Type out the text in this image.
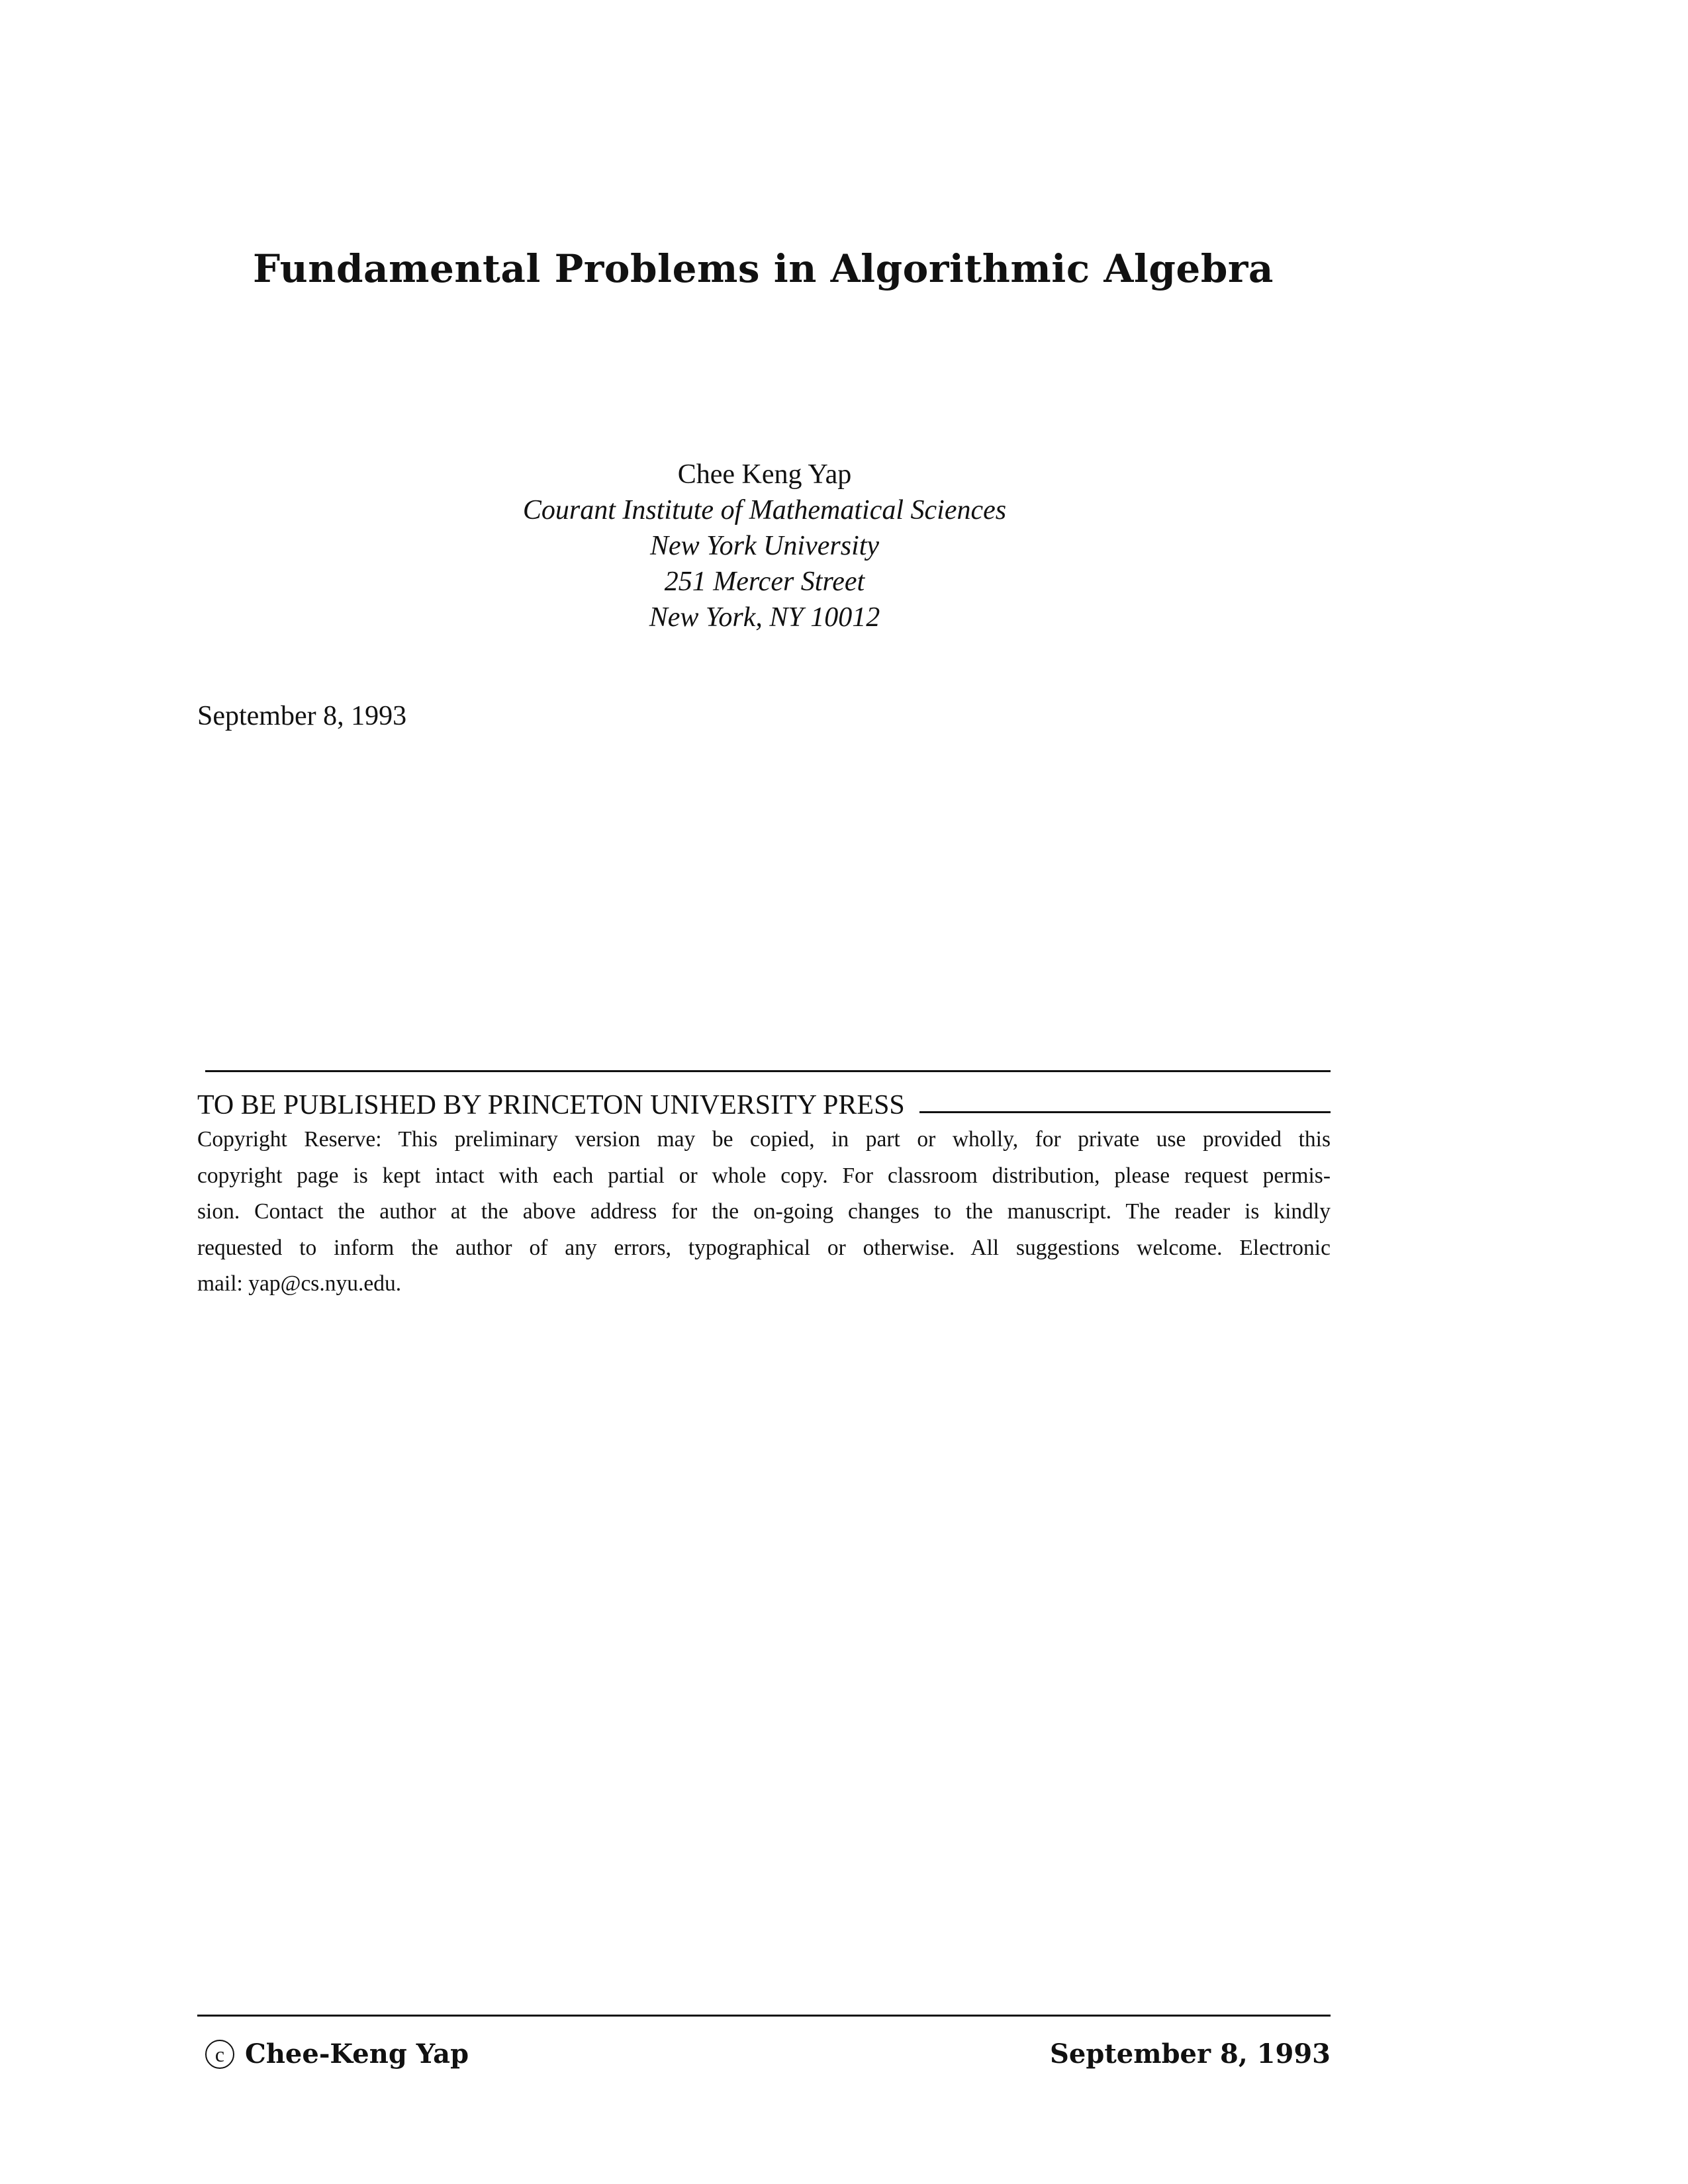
Fundamental Problems in Algorithmic Algebra
Chee Keng Yap
Courant Institute of Mathematical Sciences
New York University
251 Mercer Street
New York, NY 10012
September 8, 1993
TO BE PUBLISHED BY PRINCETON UNIVERSITY PRESS
Copyright Reserve: This preliminary version may be copied, in part or wholly, for private use provided this
copyright page is kept intact with each partial or whole copy. For classroom distribution, please request permis-
sion. Contact the author at the above address for the on-going changes to the manuscript. The reader is kindly
requested to inform the author of any errors, typographical or otherwise. All suggestions welcome. Electronic
mail: yap@cs.nyu.edu.
c Chee-Keng Yap	September 8, 1993
